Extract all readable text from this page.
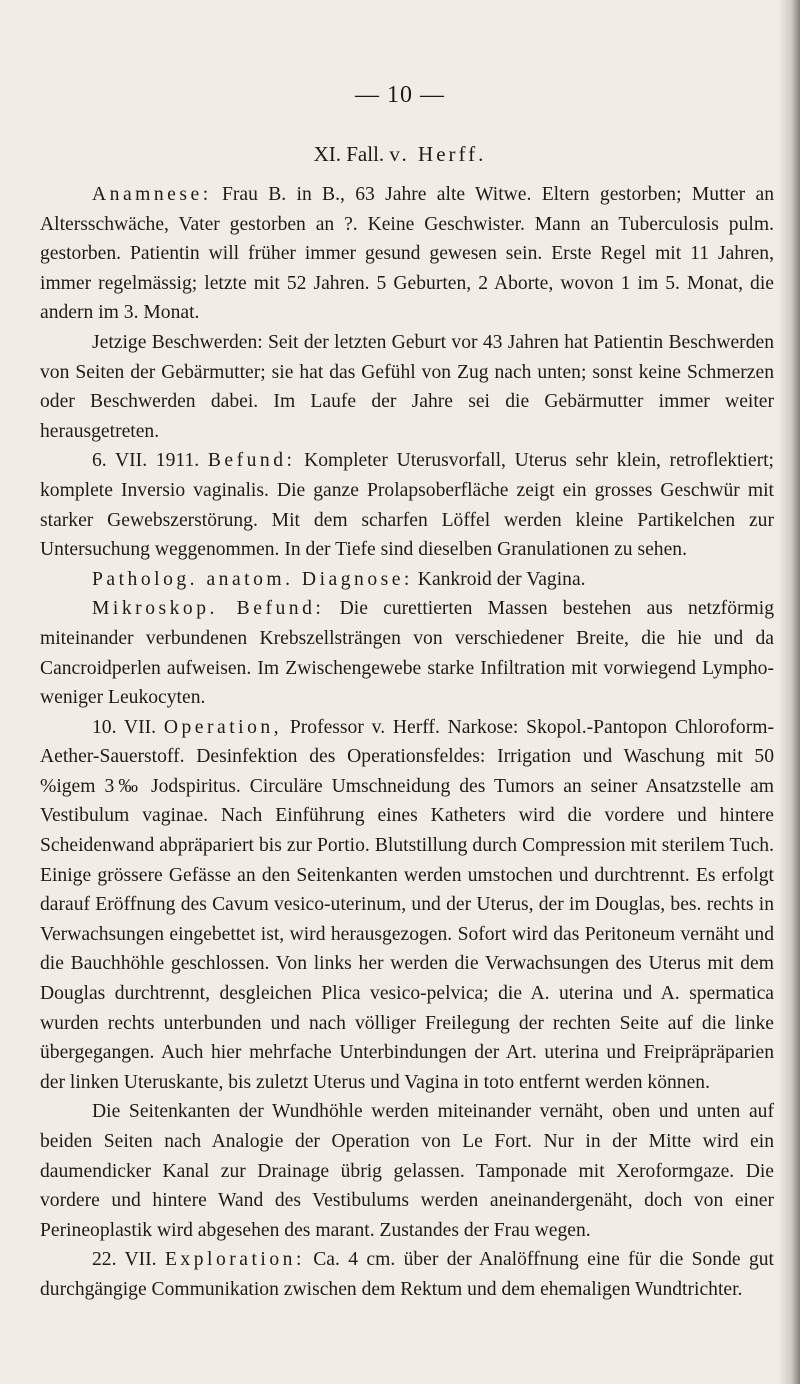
— 10 —
XI. Fall. v. Herff.

Anamnese: Frau B. in B., 63 Jahre alte Witwe. Eltern gestorben; Mutter an Altersschwäche, Vater gestorben an ?. Keine Geschwister. Mann an Tuberculosis pulm. gestorben. Patientin will früher immer gesund gewesen sein. Erste Regel mit 11 Jahren, immer regelmässig; letzte mit 52 Jahren. 5 Geburten, 2 Aborte, wovon 1 im 5. Monat, die andern im 3. Monat.

Jetzige Beschwerden: Seit der letzten Geburt vor 43 Jahren hat Patientin Beschwerden von Seiten der Gebärmutter; sie hat das Gefühl von Zug nach unten; sonst keine Schmerzen oder Beschwerden dabei. Im Laufe der Jahre sei die Gebärmutter immer weiter herausgetreten.

6. VII. 1911. Befund: Kompleter Uterusvorfall, Uterus sehr klein, retroflektiert; komplete Inversio vaginalis. Die ganze Prolapsoberfläche zeigt ein grosses Geschwür mit starker Gewebszerstörung. Mit dem scharfen Löffel werden kleine Partikelchen zur Untersuchung weggenommen. In der Tiefe sind dieselben Granulationen zu sehen.

Patholog. anatom. Diagnose: Kankroid der Vagina.

Mikroskop. Befund: Die curettierten Massen bestehen aus netzförmig miteinander verbundenen Krebszellsträngen von verschiedener Breite, die hie und da Cancroidperlen aufweisen. Im Zwischengewebe starke Infiltration mit vorwiegend Lympho- weniger Leukocyten.

10. VII. Operation, Professor v. Herff. Narkose: Skopol.-Pantopon Chloroform-Aether-Sauerstoff. Desinfektion des Operationsfeldes: Irrigation und Waschung mit 50 %igem 3‰ Jodspiritus. Circuläre Umschneidung des Tumors an seiner Ansatzstelle am Vestibulum vaginae. Nach Einführung eines Katheters wird die vordere und hintere Scheidenwand abpräpariert bis zur Portio. Blutstillung durch Compression mit sterilem Tuch. Einige grössere Gefässe an den Seitenkanten werden umstochen und durchtrennt. Es erfolgt darauf Eröffnung des Cavum vesico-uterinum, und der Uterus, der im Douglas, bes. rechts in Verwachsungen eingebettet ist, wird herausgezogen. Sofort wird das Peritoneum vernäht und die Bauchhöhle geschlossen. Von links her werden die Verwachsungen des Uterus mit dem Douglas durchtrennt, desgleichen Plica vesico-pelvica; die A. uterina und A. spermatica wurden rechts unterbunden und nach völliger Freilegung der rechten Seite auf die linke übergegangen. Auch hier mehrfache Unterbindungen der Art. uterina und Freipräpräparien der linken Uteruskante, bis zuletzt Uterus und Vagina in toto entfernt werden können.

Die Seitenkanten der Wundhöhle werden miteinander vernäht, oben und unten auf beiden Seiten nach Analogie der Operation von Le Fort. Nur in der Mitte wird ein daumendicker Kanal zur Drainage übrig gelassen. Tamponade mit Xeroformgaze. Die vordere und hintere Wand des Vestibulums werden aneinandergenäht, doch von einer Perineoplastik wird abgesehen des marant. Zustandes der Frau wegen.

22. VII. Exploration: Ca. 4 cm. über der Analöffnung eine für die Sonde gut durchgängige Communikation zwischen dem Rektum und dem ehemaligen Wundtrichter.
